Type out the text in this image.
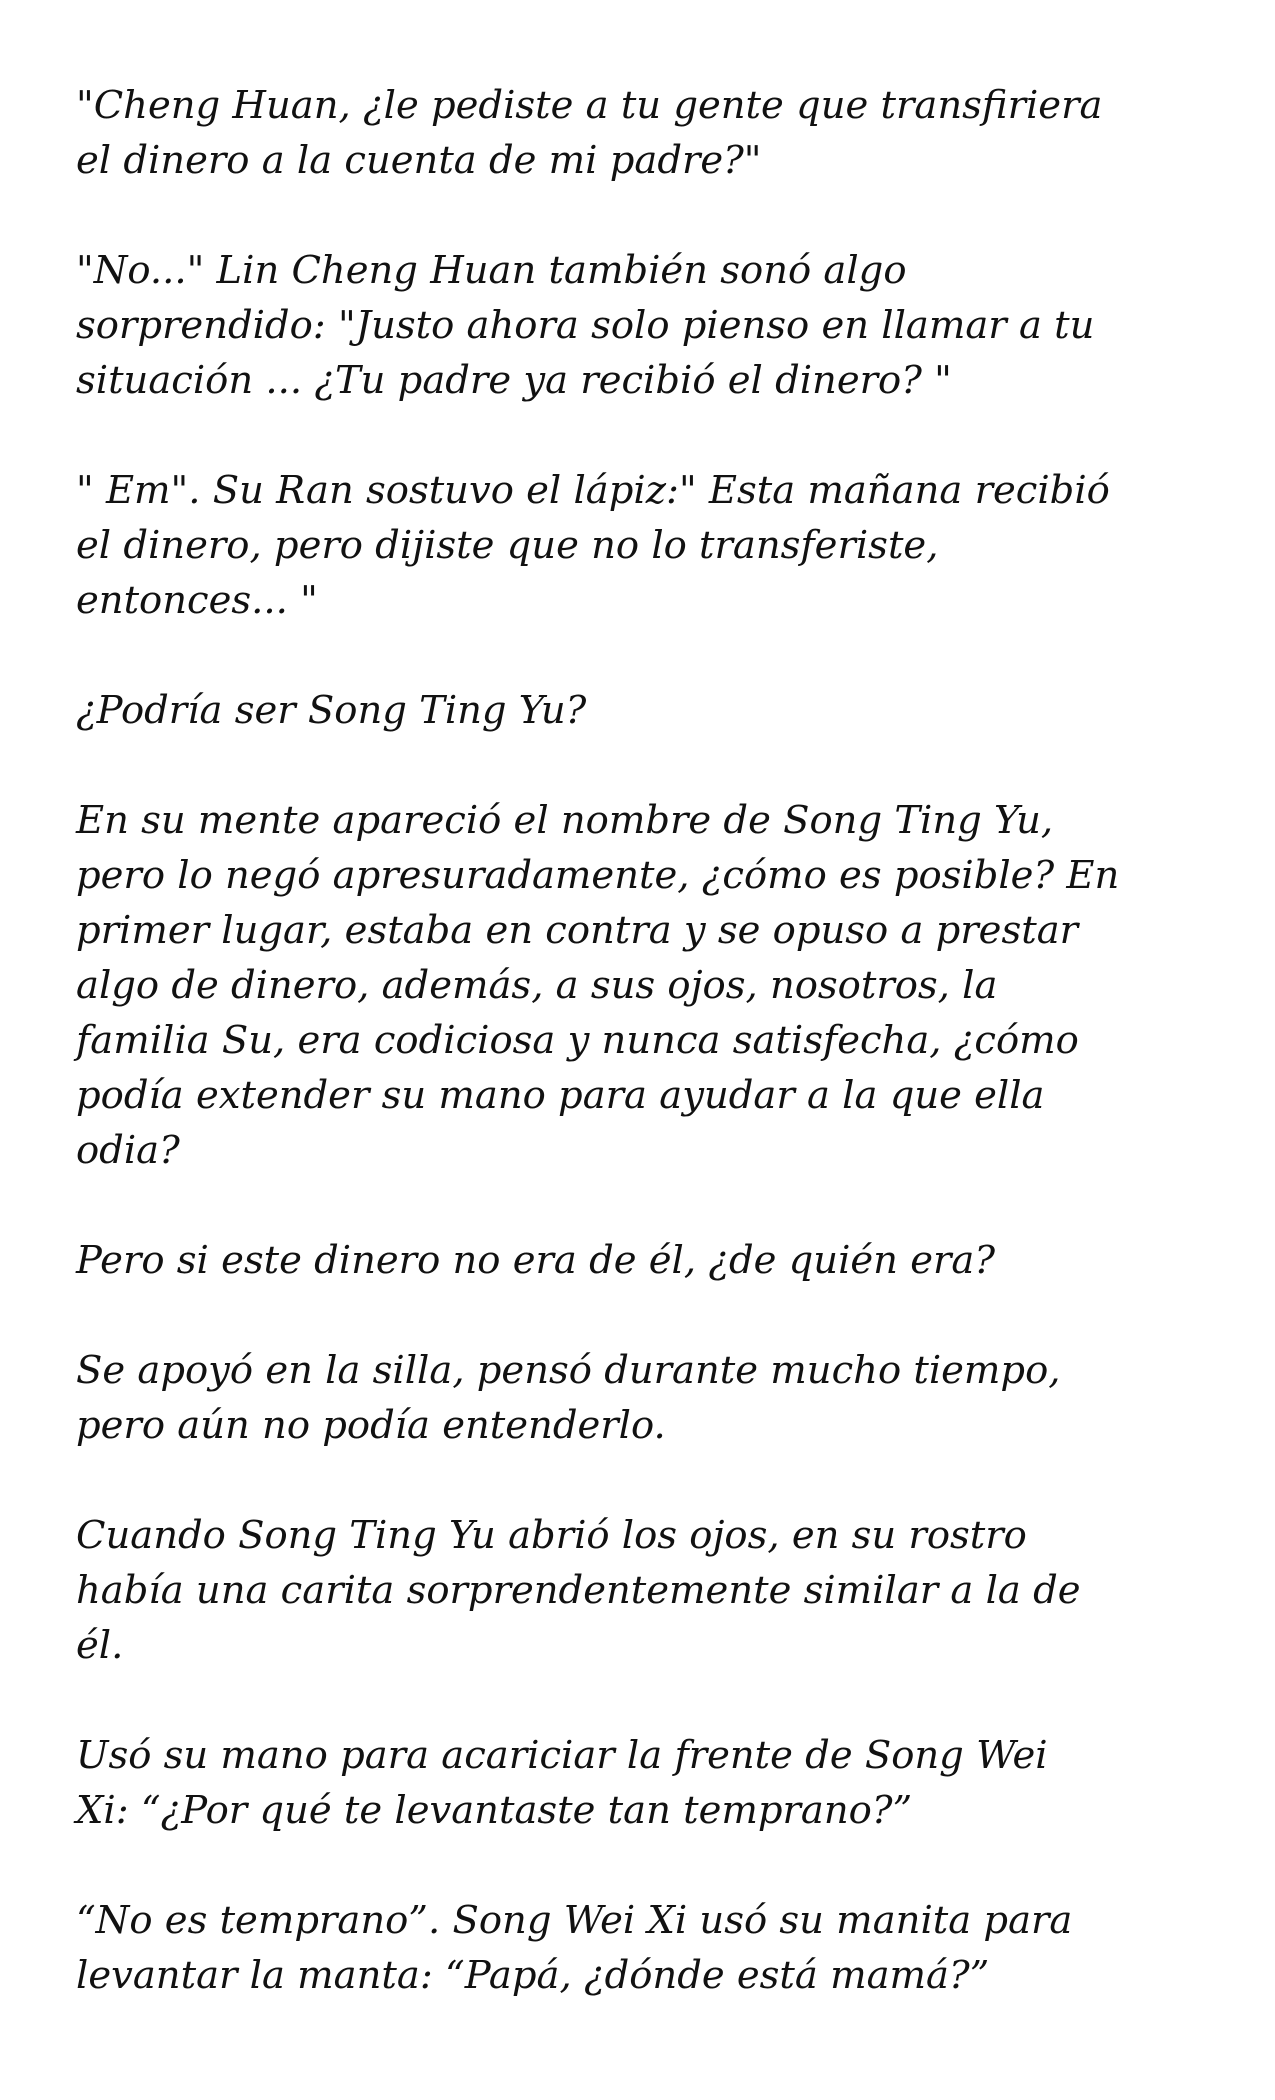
"Cheng Huan, ¿le pediste a tu gente que transfiriera
el dinero a la cuenta de mi padre?"

"No..." Lin Cheng Huan también sonó algo
sorprendido: "Justo ahora solo pienso en llamar a tu
situación ... ¿Tu padre ya recibió el dinero? "

" Em". Su Ran sostuvo el lápiz:" Esta mañana recibió
el dinero, pero dijiste que no lo transferiste,
entonces... "

¿Podría ser Song Ting Yu?

En su mente apareció el nombre de Song Ting Yu,
pero lo negó apresuradamente, ¿cómo es posible? En
primer lugar, estaba en contra y se opuso a prestar
algo de dinero, además, a sus ojos, nosotros, la
familia Su, era codiciosa y nunca satisfecha, ¿cómo
podía extender su mano para ayudar a la que ella
odia?

Pero si este dinero no era de él, ¿de quién era?

Se apoyó en la silla, pensó durante mucho tiempo,
pero aún no podía entenderlo.

Cuando Song Ting Yu abrió los ojos, en su rostro
había una carita sorprendentemente similar a la de
él.

Usó su mano para acariciar la frente de Song Wei
Xi: “¿Por qué te levantaste tan temprano?”

“No es temprano”. Song Wei Xi usó su manita para
levantar la manta: “Papá, ¿dónde está mamá?”
